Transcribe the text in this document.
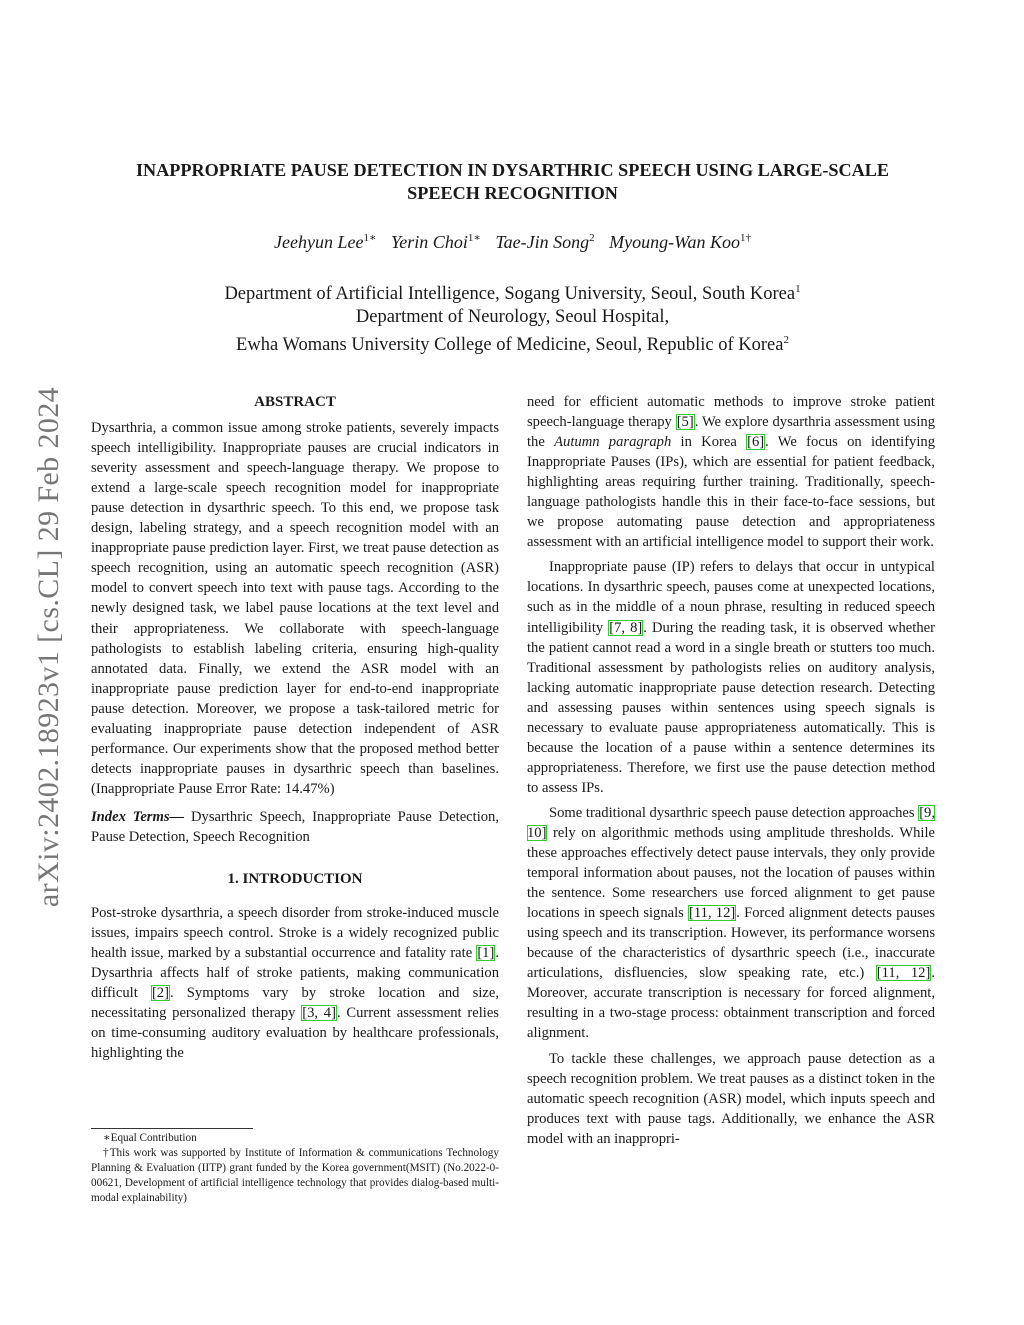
arXiv:2402.18923v1 [cs.CL] 29 Feb 2024
INAPPROPRIATE PAUSE DETECTION IN DYSARTHRIC SPEECH USING LARGE-SCALE
SPEECH RECOGNITION
Jeehyun Lee$^{1∗}$ Yerin Choi$^{1∗}$ Tae-Jin Song$^2$ Myoung-Wan Koo$^{1\dagger}$
Department of Artificial Intelligence, Sogang University, Seoul, South Korea$^1$
Department of Neurology, Seoul Hospital,
Ewha Womans University College of Medicine, Seoul, Republic of Korea$^2$
ABSTRACT

Dysarthria, a common issue among stroke patients, severely impacts speech intelligibility. Inappropriate pauses are crucial indicators in severity assessment and speech-language therapy. We propose to extend a large-scale speech recognition model for inappropriate pause detection in dysarthric speech. To this end, we propose task design, labeling strategy, and a speech recognition model with an inappropriate pause prediction layer. First, we treat pause detection as speech recognition, using an automatic speech recognition (ASR) model to convert speech into text with pause tags. According to the newly designed task, we label pause locations at the text level and their appropriateness. We collaborate with speech-language pathologists to establish labeling criteria, ensuring high-quality annotated data. Finally, we extend the ASR model with an inappropriate pause prediction layer for end-to-end inappropriate pause detection. Moreover, we propose a task-tailored metric for evaluating inappropriate pause detection independent of ASR performance. Our experiments show that the proposed method better detects inappropriate pauses in dysarthric speech than baselines. (Inappropriate Pause Error Rate: 14.47%)

Index Terms— Dysarthric Speech, Inappropriate Pause Detection, Pause Detection, Speech Recognition

1. INTRODUCTION

Post-stroke dysarthria, a speech disorder from stroke-induced muscle issues, impairs speech control. Stroke is a widely recognized public health issue, marked by a substantial occurrence and fatality rate [1]. Dysarthria affects half of stroke patients, making communication difficult [2]. Symptoms vary by stroke location and size, necessitating personalized therapy [3, 4]. Current assessment relies on time-consuming auditory evaluation by healthcare professionals, highlighting the

∗Equal Contribution

†This work was supported by Institute of Information & communications Technology Planning & Evaluation (IITP) grant funded by the Korea government(MSIT) (No.2022-0-00621, Development of artificial intelligence technology that provides dialog-based multi-modal explainability)

need for efficient automatic methods to improve stroke patient speech-language therapy [5]. We explore dysarthria assessment using the Autumn paragraph in Korea [6]. We focus on identifying Inappropriate Pauses (IPs), which are essential for patient feedback, highlighting areas requiring further training. Traditionally, speech-language pathologists handle this in their face-to-face sessions, but we propose automating pause detection and appropriateness assessment with an artificial intelligence model to support their work.

Inappropriate pause (IP) refers to delays that occur in untypical locations. In dysarthric speech, pauses come at unexpected locations, such as in the middle of a noun phrase, resulting in reduced speech intelligibility [7, 8]. During the reading task, it is observed whether the patient cannot read a word in a single breath or stutters too much. Traditional assessment by pathologists relies on auditory analysis, lacking automatic inappropriate pause detection research. Detecting and assessing pauses within sentences using speech signals is necessary to evaluate pause appropriateness automatically. This is because the location of a pause within a sentence determines its appropriateness. Therefore, we first use the pause detection method to assess IPs.

Some traditional dysarthric speech pause detection approaches [9, 10] rely on algorithmic methods using amplitude thresholds. While these approaches effectively detect pause intervals, they only provide temporal information about pauses, not the location of pauses within the sentence. Some researchers use forced alignment to get pause locations in speech signals [11, 12]. Forced alignment detects pauses using speech and its transcription. However, its performance worsens because of the characteristics of dysarthric speech (i.e., inaccurate articulations, disfluencies, slow speaking rate, etc.) [11, 12]. Moreover, accurate transcription is necessary for forced alignment, resulting in a two-stage process: obtainment transcription and forced alignment.

To tackle these challenges, we approach pause detection as a speech recognition problem. We treat pauses as a distinct token in the automatic speech recognition (ASR) model, which inputs speech and produces text with pause tags. Additionally, we enhance the ASR model with an inappropri-
